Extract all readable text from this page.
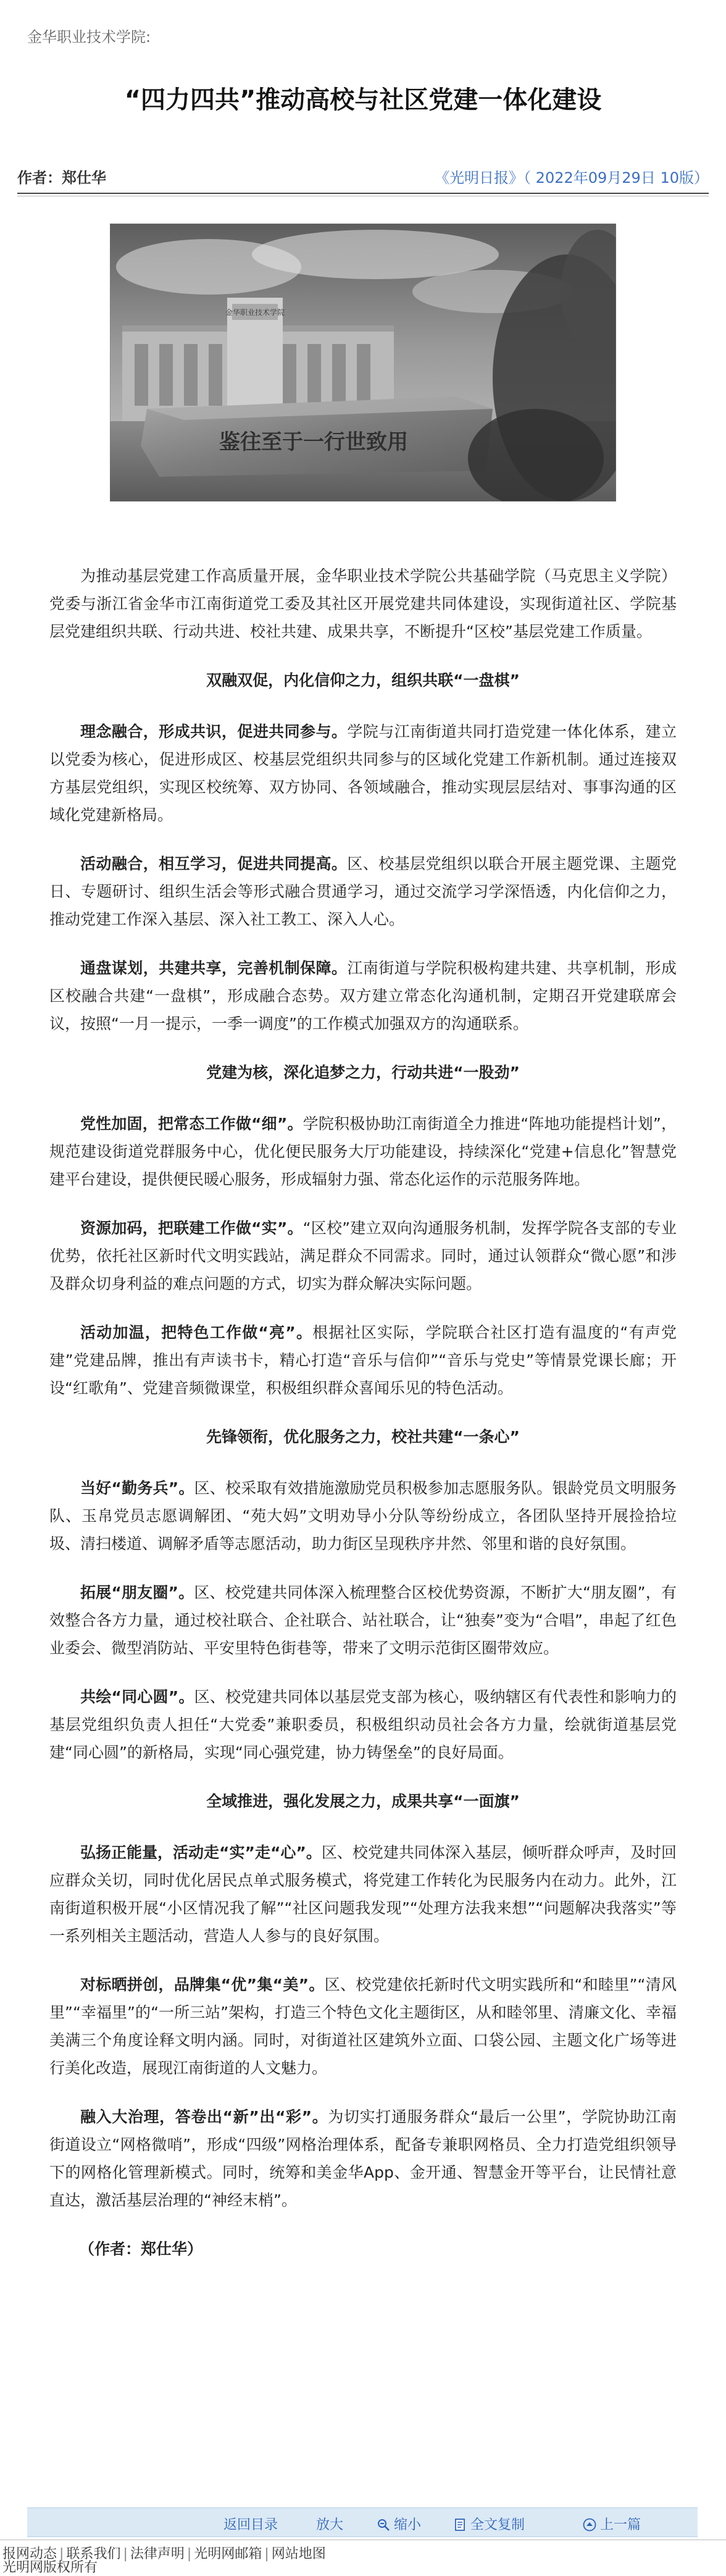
金华职业技术学院:
“四力四共”推动高校与社区党建一体化建设
作者：郑仕华	《光明日报》（ 2022年09月29日 10版）
金华职业技术学院
鉴往至于一行世致用

为推动基层党建工作高质量开展，金华职业技术学院公共基础学院（马克思主义学院）党委与浙江省金华市江南街道党工委及其社区开展党建共同体建设，实现街道社区、学院基层党建组织共联、行动共进、校社共建、成果共享，不断提升“区校”基层党建工作质量。

双融双促，内化信仰之力，组织共联“一盘棋”

理念融合，形成共识，促进共同参与。学院与江南街道共同打造党建一体化体系，建立以党委为核心，促进形成区、校基层党组织共同参与的区域化党建工作新机制。通过连接双方基层党组织，实现区校统筹、双方协同、各领域融合，推动实现层层结对、事事沟通的区域化党建新格局。

活动融合，相互学习，促进共同提高。区、校基层党组织以联合开展主题党课、主题党日、专题研讨、组织生活会等形式融合贯通学习，通过交流学习学深悟透，内化信仰之力，推动党建工作深入基层、深入社工教工、深入人心。

通盘谋划，共建共享，完善机制保障。江南街道与学院积极构建共建、共享机制，形成区校融合共建“一盘棋”，形成融合态势。双方建立常态化沟通机制，定期召开党建联席会议，按照“一月一提示，一季一调度”的工作模式加强双方的沟通联系。

党建为核，深化追梦之力，行动共进“一股劲”

党性加固，把常态工作做“细”。学院积极协助江南街道全力推进“阵地功能提档计划”，规范建设街道党群服务中心，优化便民服务大厅功能建设，持续深化“党建+信息化”智慧党建平台建设，提供便民暖心服务，形成辐射力强、常态化运作的示范服务阵地。

资源加码，把联建工作做“实”。“区校”建立双向沟通服务机制，发挥学院各支部的专业优势，依托社区新时代文明实践站，满足群众不同需求。同时，通过认领群众“微心愿”和涉及群众切身利益的难点问题的方式，切实为群众解决实际问题。

活动加温，把特色工作做“亮”。根据社区实际，学院联合社区打造有温度的“有声党建”党建品牌，推出有声读书卡，精心打造“音乐与信仰”“音乐与党史”等情景党课长廊；开设“红歌角”、党建音频微课堂，积极组织群众喜闻乐见的特色活动。

先锋领衔，优化服务之力，校社共建“一条心”

当好“勤务兵”。区、校采取有效措施激励党员积极参加志愿服务队。银龄党员文明服务队、玉帛党员志愿调解团、“苑大妈”文明劝导小分队等纷纷成立，各团队坚持开展捡拾垃圾、清扫楼道、调解矛盾等志愿活动，助力街区呈现秩序井然、邻里和谐的良好氛围。

拓展“朋友圈”。区、校党建共同体深入梳理整合区校优势资源，不断扩大“朋友圈”，有效整合各方力量，通过校社联合、企社联合、站社联合，让“独奏”变为“合唱”，串起了红色业委会、微型消防站、平安里特色街巷等，带来了文明示范街区圈带效应。

共绘“同心圆”。区、校党建共同体以基层党支部为核心，吸纳辖区有代表性和影响力的基层党组织负责人担任“大党委”兼职委员，积极组织动员社会各方力量，绘就街道基层党建“同心圆”的新格局，实现“同心强党建，协力铸堡垒”的良好局面。

全域推进，强化发展之力，成果共享“一面旗”

弘扬正能量，活动走“实”走“心”。区、校党建共同体深入基层，倾听群众呼声，及时回应群众关切，同时优化居民点单式服务模式，将党建工作转化为民服务内在动力。此外，江南街道积极开展“小区情况我了解”“社区问题我发现”“处理方法我来想”“问题解决我落实”等一系列相关主题活动，营造人人参与的良好氛围。

对标晒拼创，品牌集“优”集“美”。区、校党建依托新时代文明实践所和“和睦里”“清风里”“幸福里”的“一所三站”架构，打造三个特色文化主题街区，从和睦邻里、清廉文化、幸福美满三个角度诠释文明内涵。同时，对街道社区建筑外立面、口袋公园、主题文化广场等进行美化改造，展现江南街道的人文魅力。

融入大治理，答卷出“新”出“彩”。为切实打通服务群众“最后一公里”，学院协助江南街道设立“网格微哨”，形成“四级”网格治理体系，配备专兼职网格员、全力打造党组织领导下的网格化管理新模式。同时，统筹和美金华App、金开通、智慧金开等平台，让民情社意直达，激活基层治理的“神经末梢”。

（作者：郑仕华）

返回目录	放大	缩小	全文复制	上一篇
报网动态 | 联系我们 | 法律声明 | 光明网邮箱 | 网站地图
光明网版权所有
